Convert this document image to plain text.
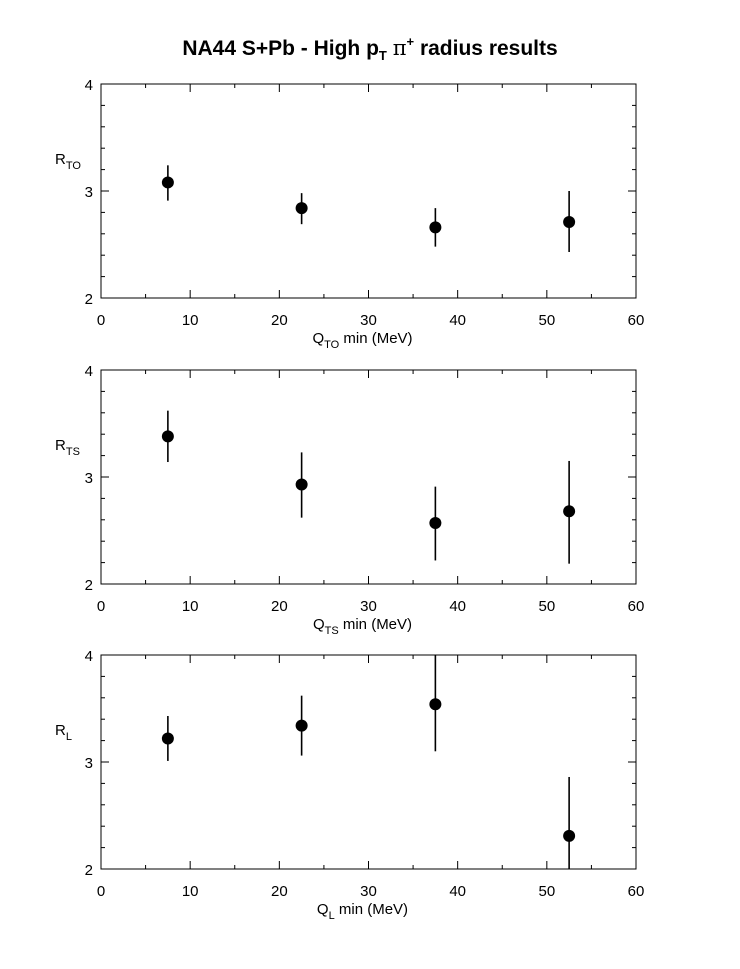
NA44 S+Pb - High $p_T$ π+ radius results
0	10	20	30	40	50	60
2
3
4
$R_{TO}$
$Q_{TO}$ min (MeV)
0	10	20	30	40	50	60
2
3
4
$R_{TS}$
$Q_{TS}$ min (MeV)
0	10	20	30	40	50	60
2
3
4
$R_L$
$Q_L$ min (MeV)
